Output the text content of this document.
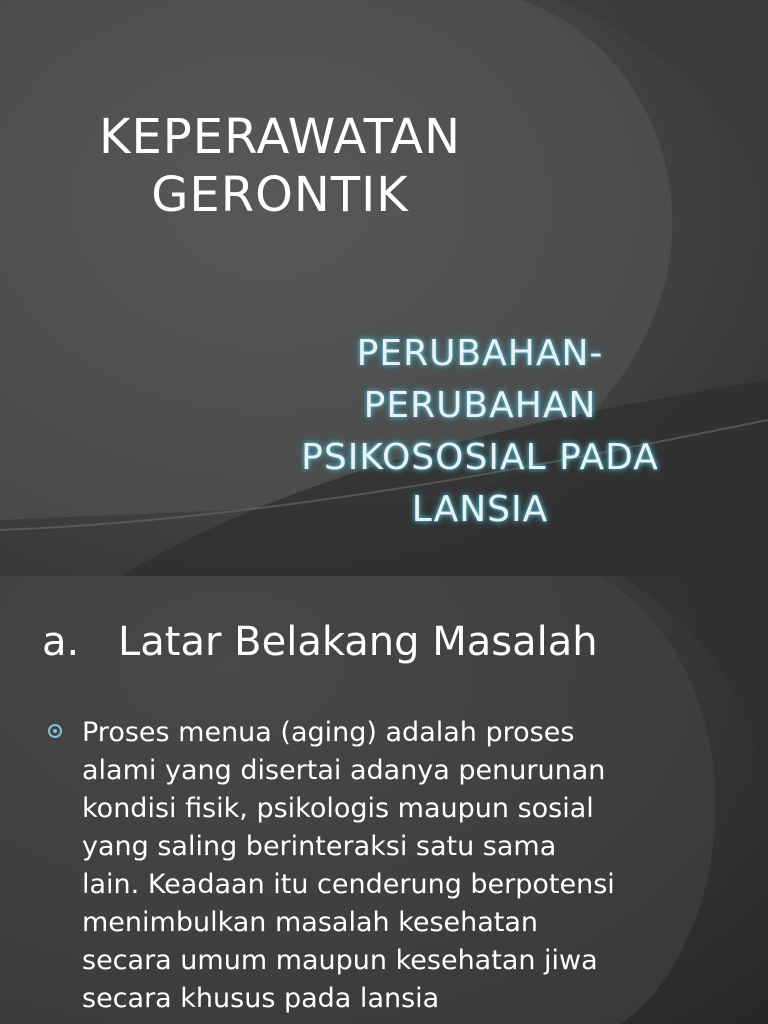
KEPERAWATAN
GERONTIK
PERUBAHAN-
PERUBAHAN
PSIKOSOSIAL PADA
LANSIA
a. Latar Belakang Masalah
Proses menua (aging) adalah proses
alami yang disertai adanya penurunan
kondisi fisik, psikologis maupun sosial
yang saling berinteraksi satu sama
lain. Keadaan itu cenderung berpotensi
menimbulkan masalah kesehatan
secara umum maupun kesehatan jiwa
secara khusus pada lansia
